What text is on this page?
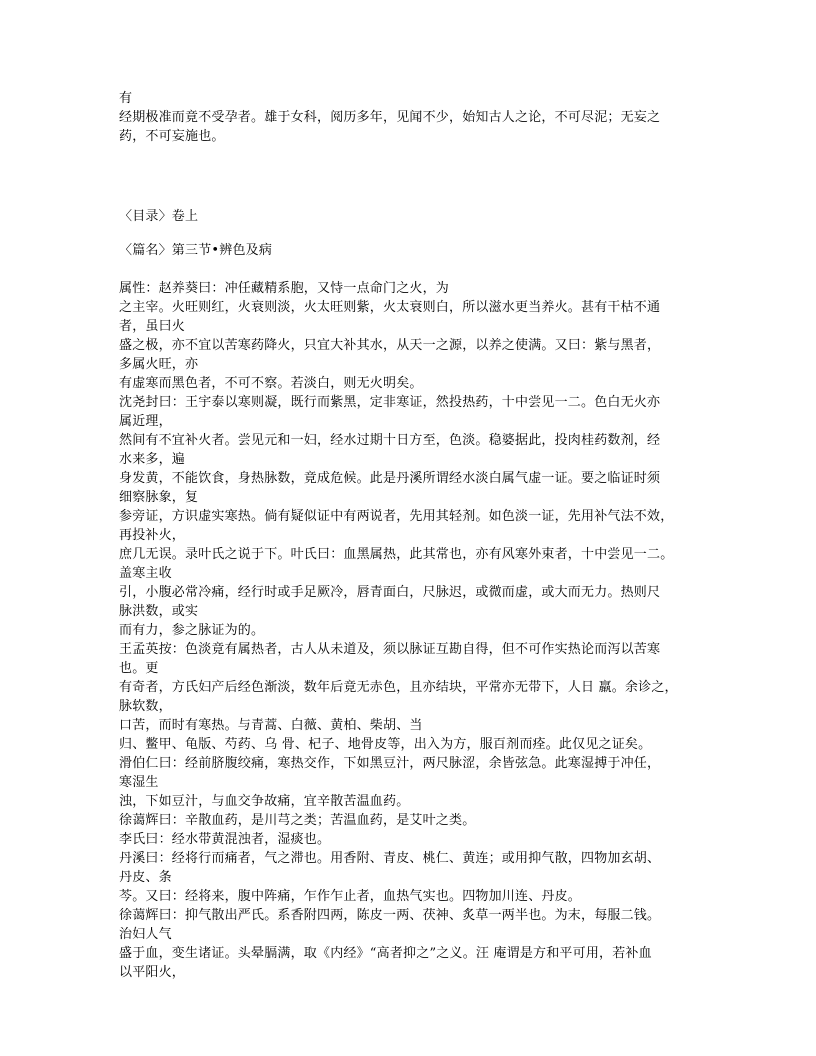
有
经期极准而竟不受孕者。雄于女科，阅历多年，见闻不少，始知古人之论，不可尽泥；无妄之
药，不可妄施也。
〈目录〉卷上
〈篇名〉第三节•辨色及病
属性：赵养葵曰：冲任藏精系胞，又恃一点命门之火，为
之主宰。火旺则红，火衰则淡，火太旺则紫，火太衰则白，所以滋水更当养火。甚有干枯不通
者，虽曰火
盛之极，亦不宜以苦寒药降火，只宜大补其水，从天一之源，以养之使满。又曰：紫与黑者，
多属火旺，亦
有虚寒而黑色者，不可不察。若淡白，则无火明矣。
沈尧封曰：王宇泰以寒则凝，既行而紫黑，定非寒证，然投热药，十中尝见一二。色白无火亦
属近理，
然间有不宜补火者。尝见元和一妇，经水过期十日方至，色淡。稳婆据此，投肉桂药数剂，经
水来多，遍
身发黄，不能饮食，身热脉数，竟成危候。此是丹溪所谓经水淡白属气虚一证。要之临证时须
细察脉象，复
参旁证，方识虚实寒热。倘有疑似证中有两说者，先用其轻剂。如色淡一证，先用补气法不效，
再投补火，
庶几无误。录叶氏之说于下。叶氏曰：血黑属热，此其常也，亦有风寒外束者，十中尝见一二。
盖寒主收
引，小腹必常冷痛，经行时或手足厥冷，唇青面白，尺脉迟，或微而虚，或大而无力。热则尺
脉洪数，或实
而有力，参之脉证为的。
王孟英按：色淡竟有属热者，古人从未道及，须以脉证互勘自得，但不可作实热论而泻以苦寒
也。更
有奇者，方氏妇产后经色渐淡，数年后竟无赤色，且亦结块，平常亦无带下，人日 羸。余诊之，
脉软数，
口苦，而时有寒热。与青蒿、白薇、黄柏、柴胡、当
归、鳖甲、龟版、芍药、乌 骨、杞子、地骨皮等，出入为方，服百剂而痊。此仅见之证矣。
滑伯仁曰：经前脐腹绞痛，寒热交作，下如黑豆汁，两尺脉涩，余皆弦急。此寒湿搏于冲任，
寒湿生
浊，下如豆汁，与血交争故痛，宜辛散苦温血药。
徐蔼辉曰：辛散血药，是川芎之类；苦温血药，是艾叶之类。
李氏曰：经水带黄混浊者，湿痰也。
丹溪曰：经将行而痛者，气之滞也。用香附、青皮、桃仁、黄连；或用抑气散，四物加玄胡、
丹皮、条
芩。又曰：经将来，腹中阵痛，乍作乍止者，血热气实也。四物加川连、丹皮。
徐蔼辉曰：抑气散出严氏。系香附四两，陈皮一两、茯神、炙草一两半也。为末，每服二钱。
治妇人气
盛于血，变生诸证。头晕膈满，取《内经》“高者抑之”之义。汪 庵谓是方和平可用，若补血
以平阳火，
